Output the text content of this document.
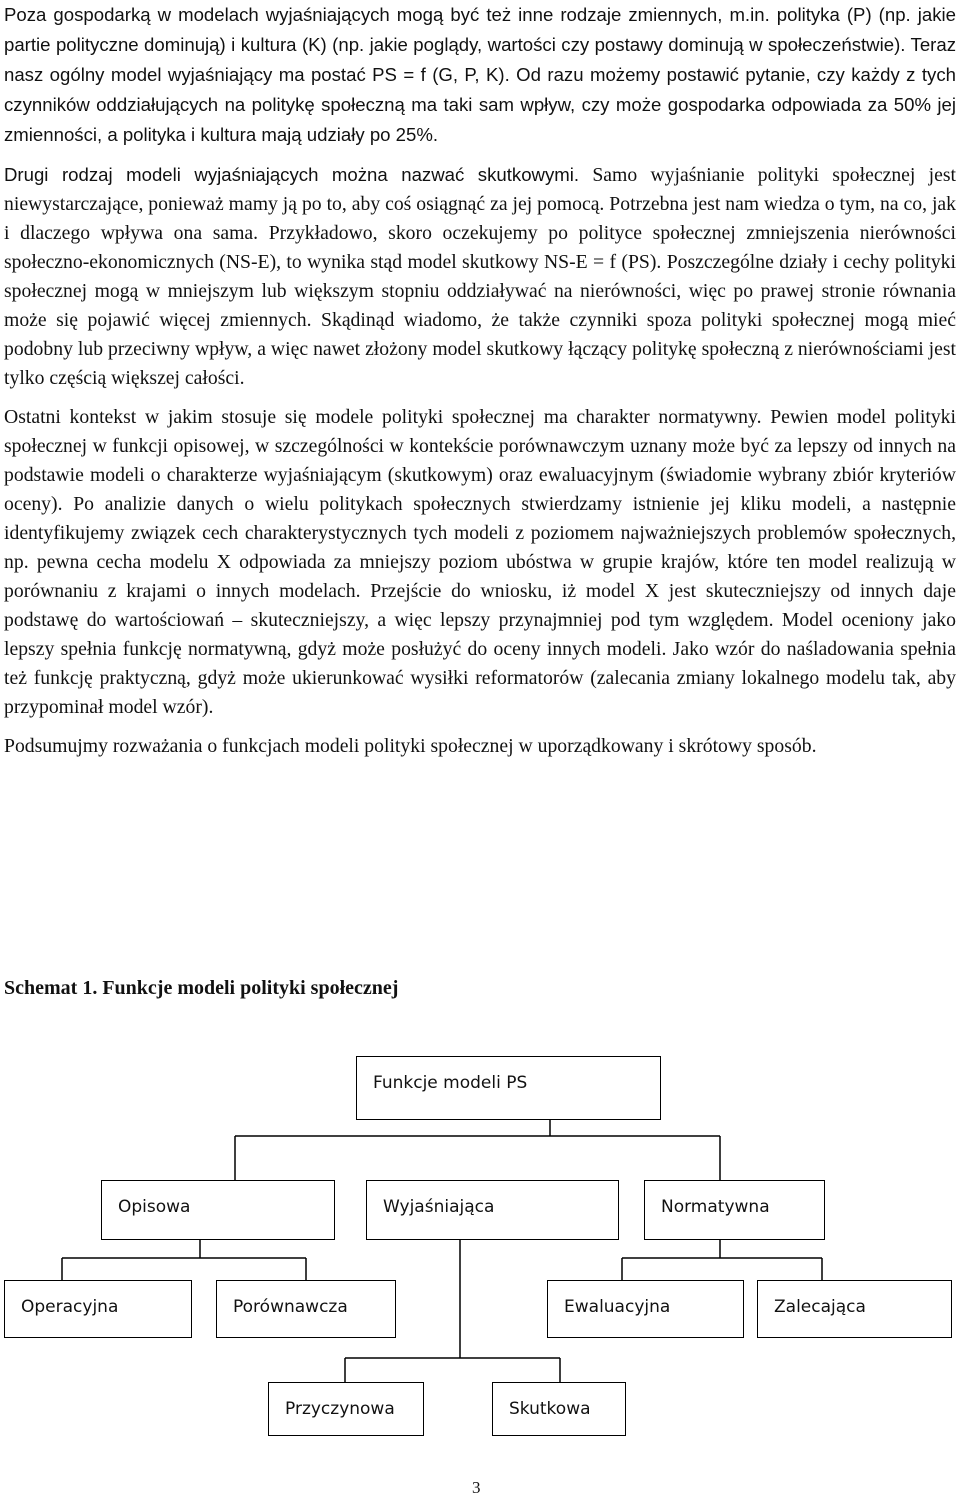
Poza gospodarką w modelach wyjaśniających mogą być też inne rodzaje zmiennych, m.in. polityka (P) (np. jakie partie polityczne dominują) i kultura (K) (np. jakie poglądy, wartości czy postawy dominują w społeczeństwie). Teraz nasz ogólny model wyjaśniający ma postać PS = f (G, P, K). Od razu możemy postawić pytanie, czy każdy z tych czynników oddziałujących na politykę społeczną ma taki sam wpływ, czy może gospodarka odpowiada za 50% jej zmienności, a polityka i kultura mają udziały po 25%.

Drugi rodzaj modeli wyjaśniających można nazwać skutkowymi. Samo wyjaśnianie polityki społecznej jest niewystarczające, ponieważ mamy ją po to, aby coś osiągnąć za jej pomocą. Potrzebna jest nam wiedza o tym, na co, jak i dlaczego wpływa ona sama. Przykładowo, skoro oczekujemy po polityce społecznej zmniejszenia nierówności społeczno-ekonomicznych (NS-E), to wynika stąd model skutkowy NS-E = f (PS). Poszczególne działy i cechy polityki społecznej mogą w mniejszym lub większym stopniu oddziaływać na nierówności, więc po prawej stronie równania może się pojawić więcej zmiennych. Skądinąd wiadomo, że także czynniki spoza polityki społecznej mogą mieć podobny lub przeciwny wpływ, a więc nawet złożony model skutkowy łączący politykę społeczną z nierównościami jest tylko częścią większej całości.

Ostatni kontekst w jakim stosuje się modele polityki społecznej ma charakter normatywny. Pewien model polityki społecznej w funkcji opisowej, w szczególności w kontekście porównawczym uznany może być za lepszy od innych na podstawie modeli o charakterze wyjaśniającym (skutkowym) oraz ewaluacyjnym (świadomie wybrany zbiór kryteriów oceny). Po analizie danych o wielu politykach społecznych stwierdzamy istnienie jej kliku modeli, a następnie identyfikujemy związek cech charakterystycznych tych modeli z poziomem najważniejszych problemów społecznych, np. pewna cecha modelu X odpowiada za mniejszy poziom ubóstwa w grupie krajów, które ten model realizują w porównaniu z krajami o innych modelach. Przejście do wniosku, iż model X jest skuteczniejszy od innych daje podstawę do wartościowań – skuteczniejszy, a więc lepszy przynajmniej pod tym względem. Model oceniony jako lepszy spełnia funkcję normatywną, gdyż może posłużyć do oceny innych modeli. Jako wzór do naśladowania spełnia też funkcję praktyczną, gdyż może ukierunkować wysiłki reformatorów (zalecania zmiany lokalnego modelu tak, aby przypominał model wzór).

Podsumujmy rozważania o funkcjach modeli polityki społecznej w uporządkowany i skrótowy sposób.

Schemat 1. Funkcje modeli polityki społecznej
Funkcje modeli PS
Opisowa	Wyjaśniająca	Normatywna
Operacyjna	Porównawcza	Ewaluacyjna	Zalecająca
Przyczynowa	Skutkowa

3
